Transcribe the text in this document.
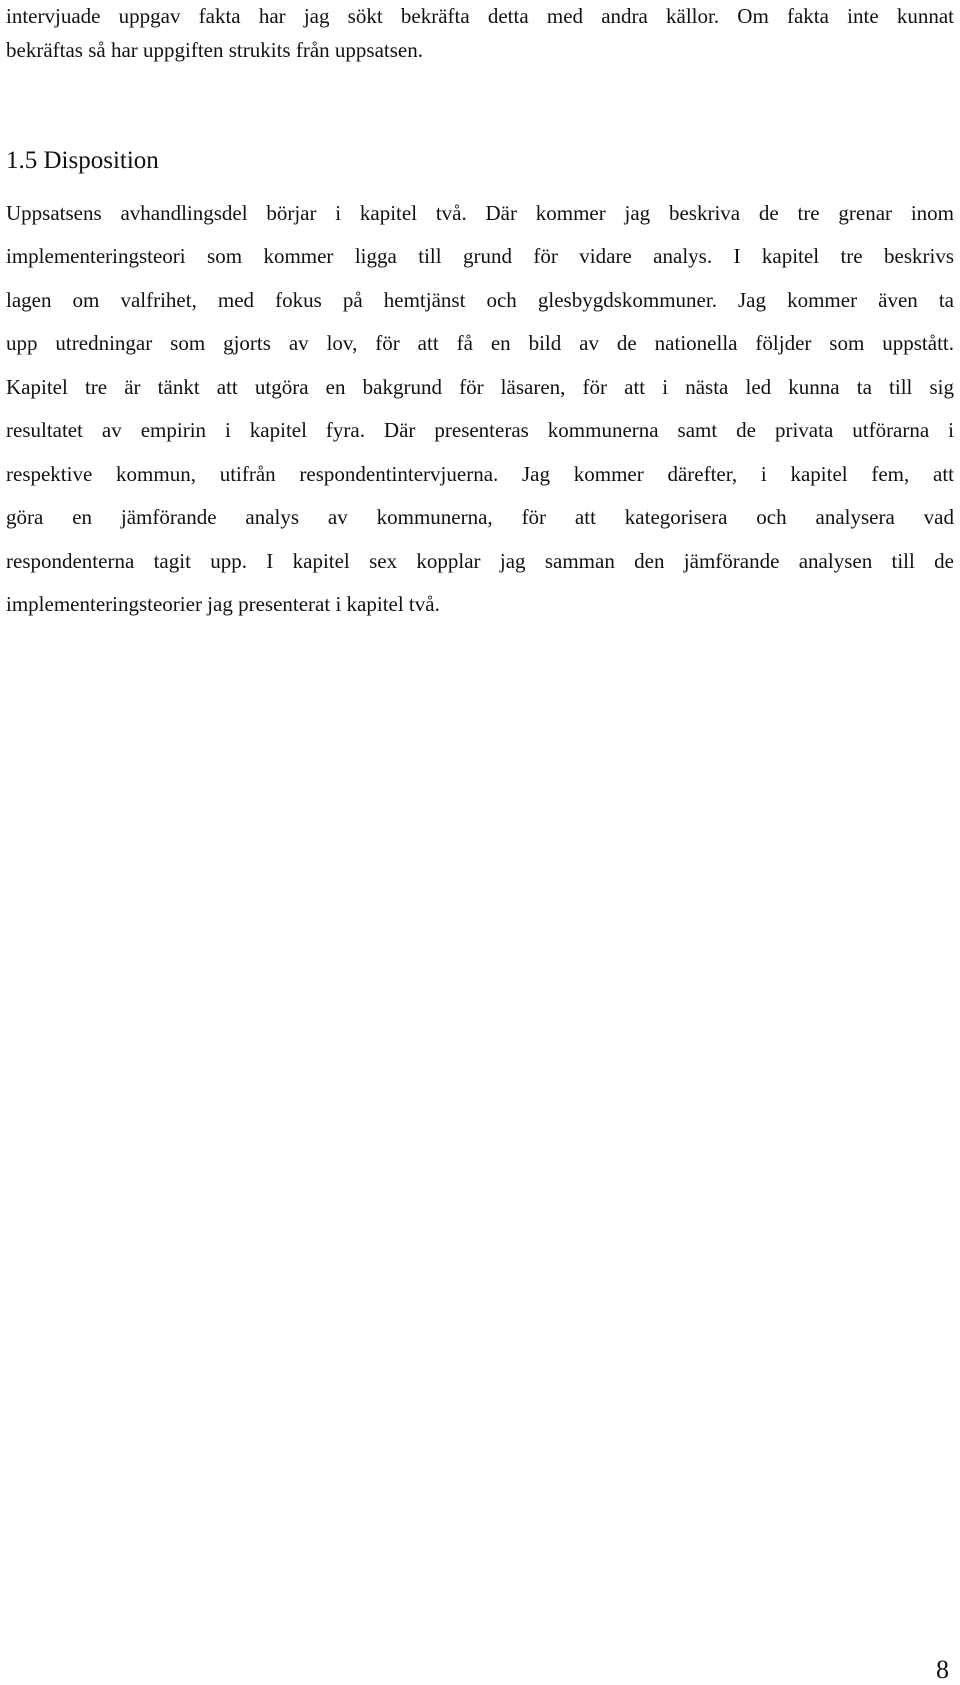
intervjuade uppgav fakta har jag sökt bekräfta detta med andra källor. Om fakta inte kunnat

bekräftas så har uppgiften strukits från uppsatsen.

1.5 Disposition

Uppsatsens avhandlingsdel börjar i kapitel två. Där kommer jag beskriva de tre grenar inom

implementeringsteori som kommer ligga till grund för vidare analys. I kapitel tre beskrivs

lagen om valfrihet, med fokus på hemtjänst och glesbygdskommuner. Jag kommer även ta

upp utredningar som gjorts av lov, för att få en bild av de nationella följder som uppstått.

Kapitel tre är tänkt att utgöra en bakgrund för läsaren, för att i nästa led kunna ta till sig

resultatet av empirin i kapitel fyra. Där presenteras kommunerna samt de privata utförarna i

respektive kommun, utifrån respondentintervjuerna. Jag kommer därefter, i kapitel fem, att

göra en jämförande analys av kommunerna, för att kategorisera och analysera vad

respondenterna tagit upp. I kapitel sex kopplar jag samman den jämförande analysen till de

implementeringsteorier jag presenterat i kapitel två.

8
